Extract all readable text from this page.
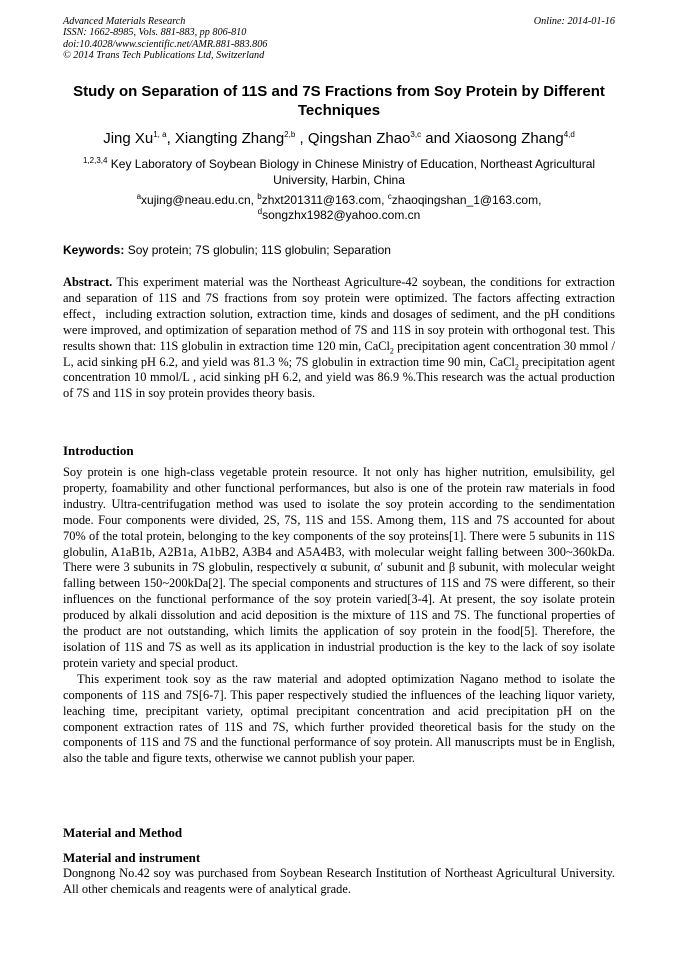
Advanced Materials Research
ISSN: 1662-8985, Vols. 881-883, pp 806-810
doi:10.4028/www.scientific.net/AMR.881-883.806
© 2014 Trans Tech Publications Ltd, Switzerland
Online: 2014-01-16
Study on Separation of 11S and 7S Fractions from Soy Protein by Different Techniques
Jing Xu$^{1, a}$, Xiangting Zhang$^{2,b}$ , Qingshan Zhao$^{3,c}$ and Xiaosong Zhang$^{4,d}$
$^{1,2,3,4}$ Key Laboratory of Soybean Biology in Chinese Ministry of Education, Northeast Agricultural University, Harbin, China
$^a$xujing@neau.edu.cn, $^b$zhxt201311@163.com, $^c$zhaoqingshan_1@163.com,
$^d$songzhx1982@yahoo.com.cn
Keywords: Soy protein; 7S globulin; 11S globulin; Separation
Abstract. This experiment material was the Northeast Agriculture-42 soybean, the conditions for extraction and separation of 11S and 7S fractions from soy protein were optimized. The factors affecting extraction effect，including extraction solution, extraction time, kinds and dosages of sediment, and the pH conditions were improved, and optimization of separation method of 7S and 11S in soy protein with orthogonal test. This results shown that: 11S globulin in extraction time 120 min, CaCl$_2$ precipitation agent concentration 30 mmol / L, acid sinking pH 6.2, and yield was 81.3 %; 7S globulin in extraction time 90 min, CaCl$_2$ precipitation agent concentration 10 mmol/L , acid sinking pH 6.2, and yield was 86.9 %.This research was the actual production of 7S and 11S in soy protein provides theory basis.
Introduction

Soy protein is one high-class vegetable protein resource. It not only has higher nutrition, emulsibility, gel property, foamability and other functional performances, but also is one of the protein raw materials in food industry. Ultra-centrifugation method was used to isolate the soy protein according to the sendimentation mode. Four components were divided, 2S, 7S, 11S and 15S. Among them, 11S and 7S accounted for about 70% of the total protein, belonging to the key components of the soy proteins[1]. There were 5 subunits in 11S globulin, A1aB1b, A2B1a, A1bB2, A3B4 and A5A4B3, with molecular weight falling between 300~360kDa. There were 3 subunits in 7S globulin, respectively α subunit, α′ subunit and β subunit, with molecular weight falling between 150~200kDa[2]. The special components and structures of 11S and 7S were different, so their influences on the functional performance of the soy protein varied[3-4]. At present, the soy isolate protein produced by alkali dissolution and acid deposition is the mixture of 11S and 7S. The functional properties of the product are not outstanding, which limits the application of soy protein in the food[5]. Therefore, the isolation of 11S and 7S as well as its application in industrial production is the key to the lack of soy isolate protein variety and special product.

This experiment took soy as the raw material and adopted optimization Nagano method to isolate the components of 11S and 7S[6-7]. This paper respectively studied the influences of the leaching liquor variety, leaching time, precipitant variety, optimal precipitant concentration and acid precipitation pH on the component extraction rates of 11S and 7S, which further provided theoretical basis for the study on the components of 11S and 7S and the functional performance of soy protein. All manuscripts must be in English, also the table and figure texts, otherwise we cannot publish your paper.

Material and Method
Material and instrument
Dongnong No.42 soy was purchased from Soybean Research Institution of Northeast Agricultural University. All other chemicals and reagents were of analytical grade.
